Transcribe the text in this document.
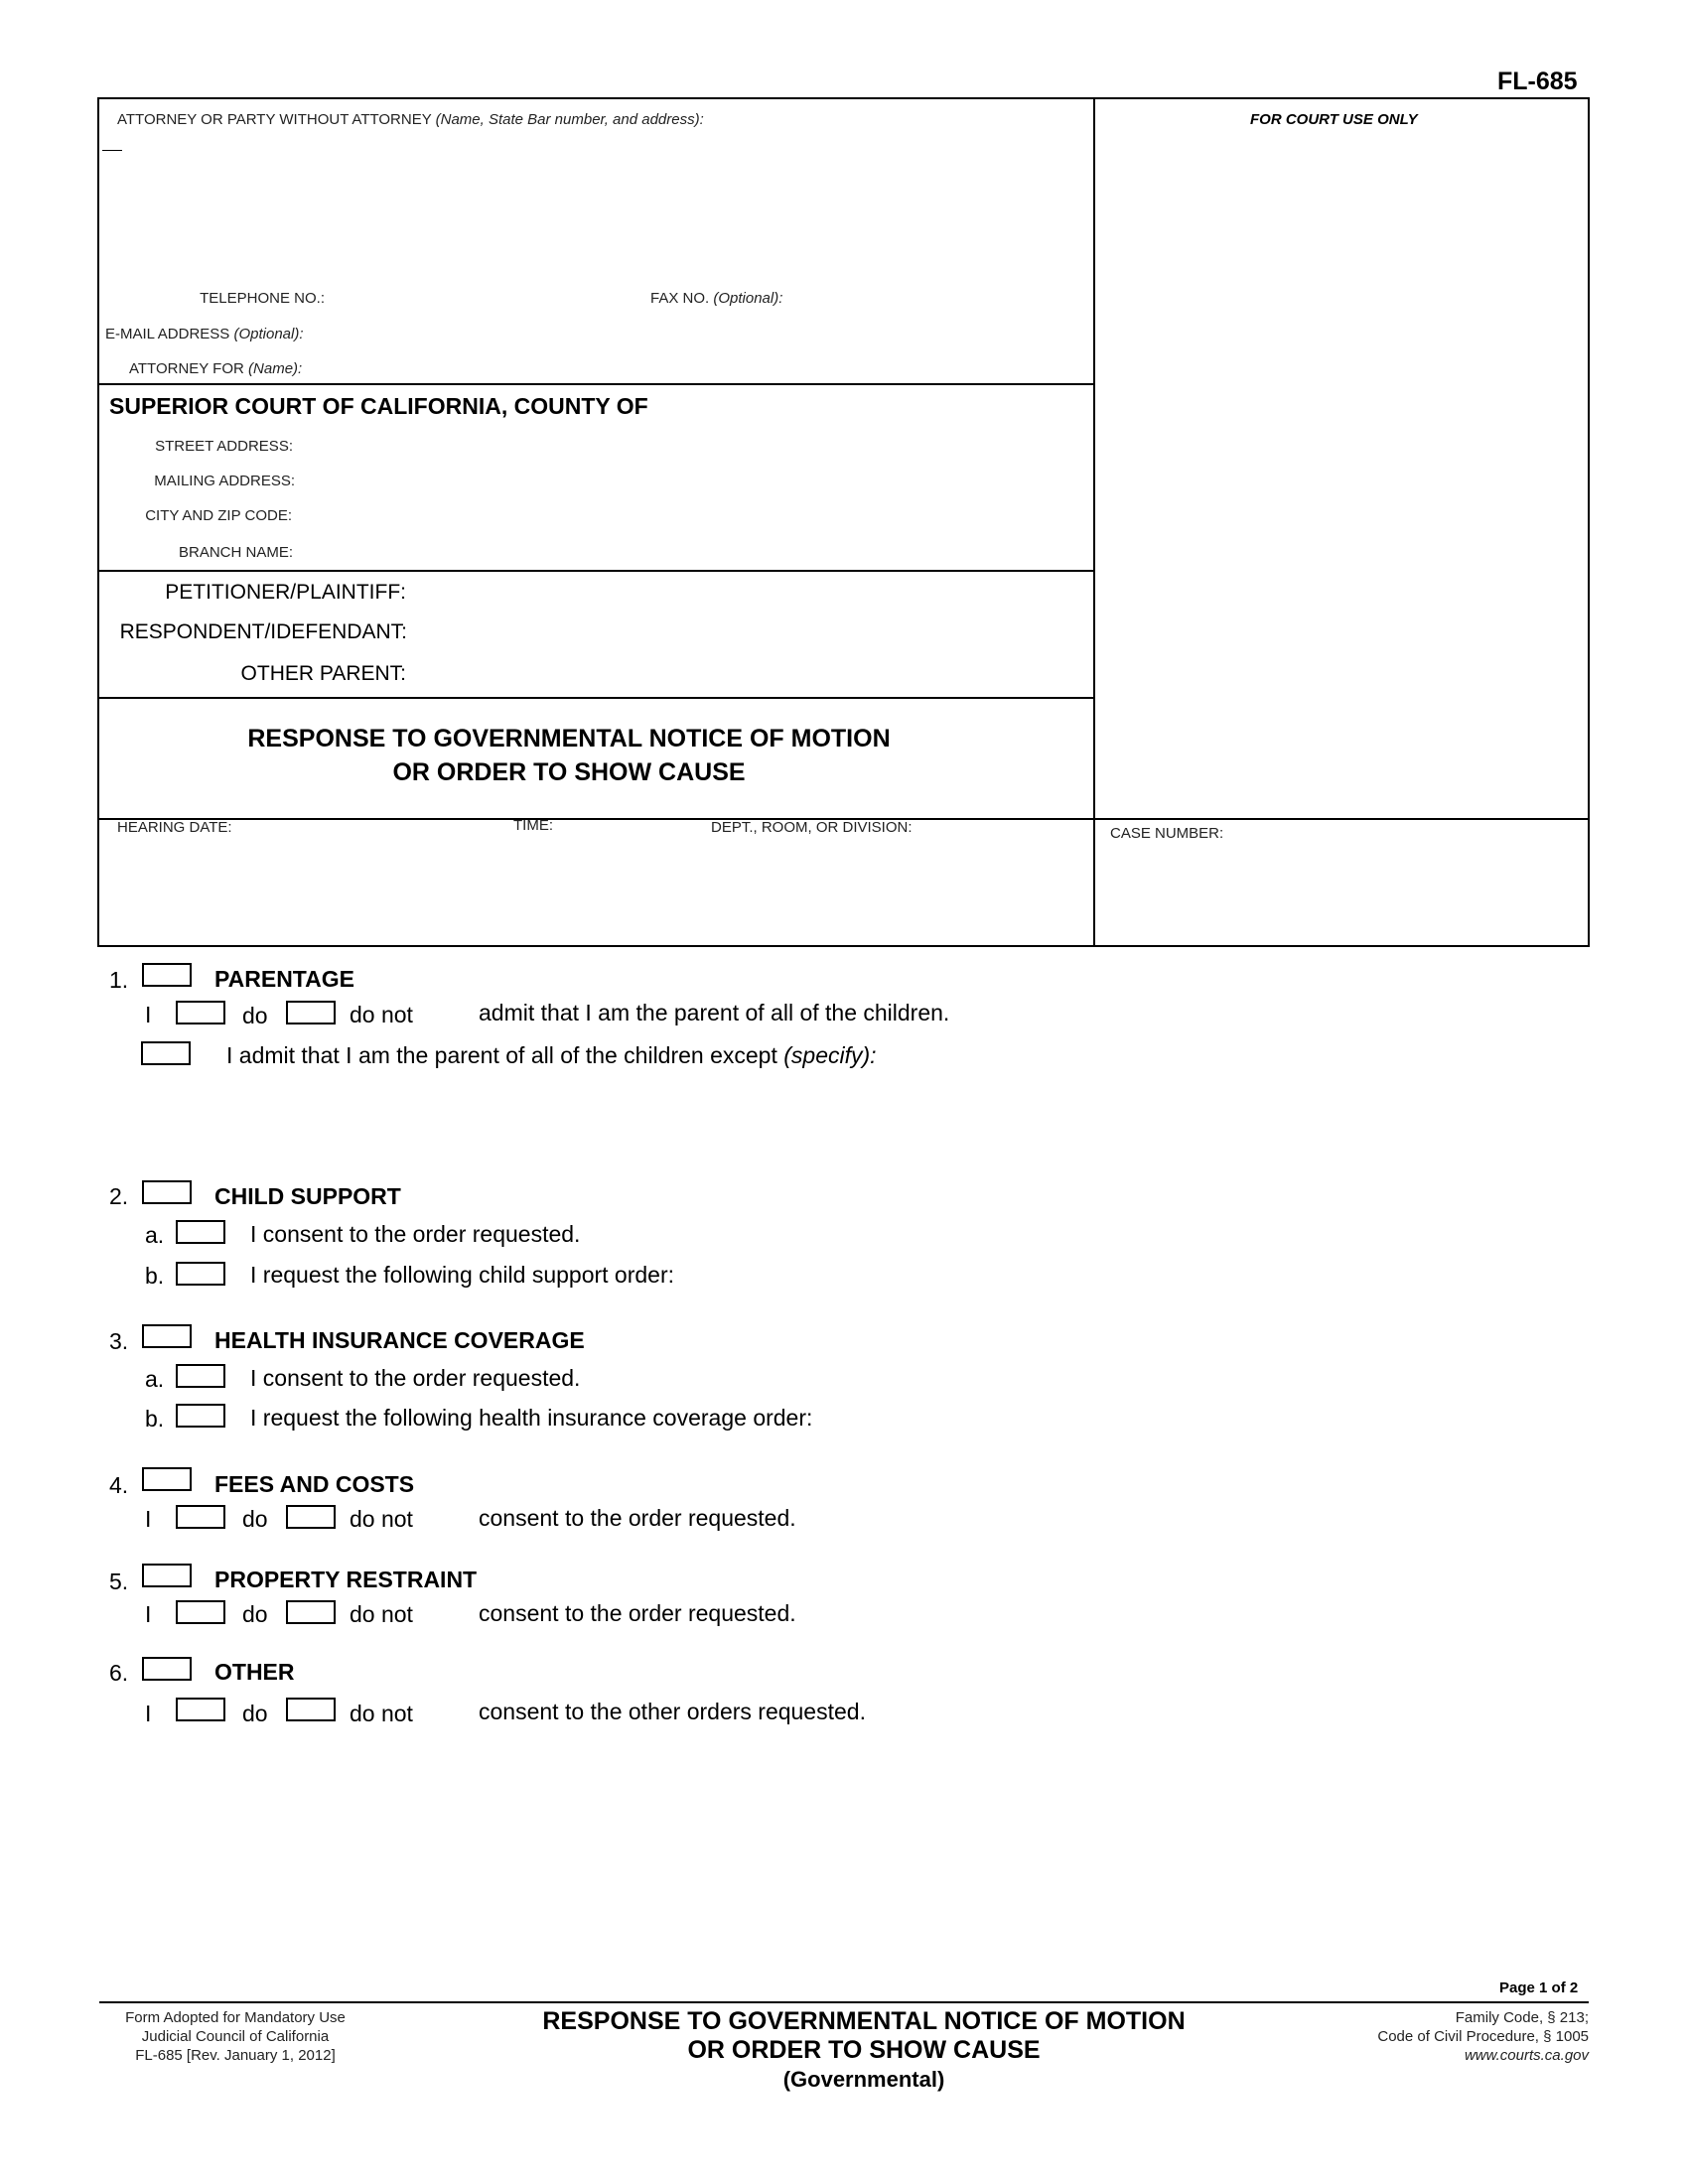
FL-685
ATTORNEY OR PARTY WITHOUT ATTORNEY (Name, State Bar number, and address):
TELEPHONE NO.:	FAX NO. (Optional):
E-MAIL ADDRESS (Optional):
ATTORNEY FOR (Name):
FOR COURT USE ONLY
SUPERIOR COURT OF CALIFORNIA, COUNTY OF
STREET ADDRESS:
MAILING ADDRESS:
CITY AND ZIP CODE:
BRANCH NAME:
PETITIONER/PLAINTIFF:
RESPONDENT/IDEFENDANT:
OTHER PARENT:
RESPONSE TO GOVERNMENTAL NOTICE OF MOTION
OR ORDER TO SHOW CAUSE
HEARING DATE:	TIME:	DEPT., ROOM, OR DIVISION:	CASE NUMBER:
1.	PARENTAGE
I	do	do not	admit that I am the parent of all of the children.
I admit that I am the parent of all of the children except (specify):
2.	CHILD SUPPORT
a.	I consent to the order requested.
b.	I request the following child support order:
3.	HEALTH INSURANCE COVERAGE
a.	I consent to the order requested.
b.	I request the following health insurance coverage order:
4.	FEES AND COSTS
I	do	do not	consent to the order requested.
5.	PROPERTY RESTRAINT
I	do	do not	consent to the order requested.
6.	OTHER
I	do	do not	consent to the other orders requested.
Page 1 of 2
Form Adopted for Mandatory Use
Judicial Council of California
FL-685 [Rev. January 1, 2012]
RESPONSE TO GOVERNMENTAL NOTICE OF MOTION
OR ORDER TO SHOW CAUSE
(Governmental)
Family Code, § 213;
Code of Civil Procedure, § 1005
www.courts.ca.gov
